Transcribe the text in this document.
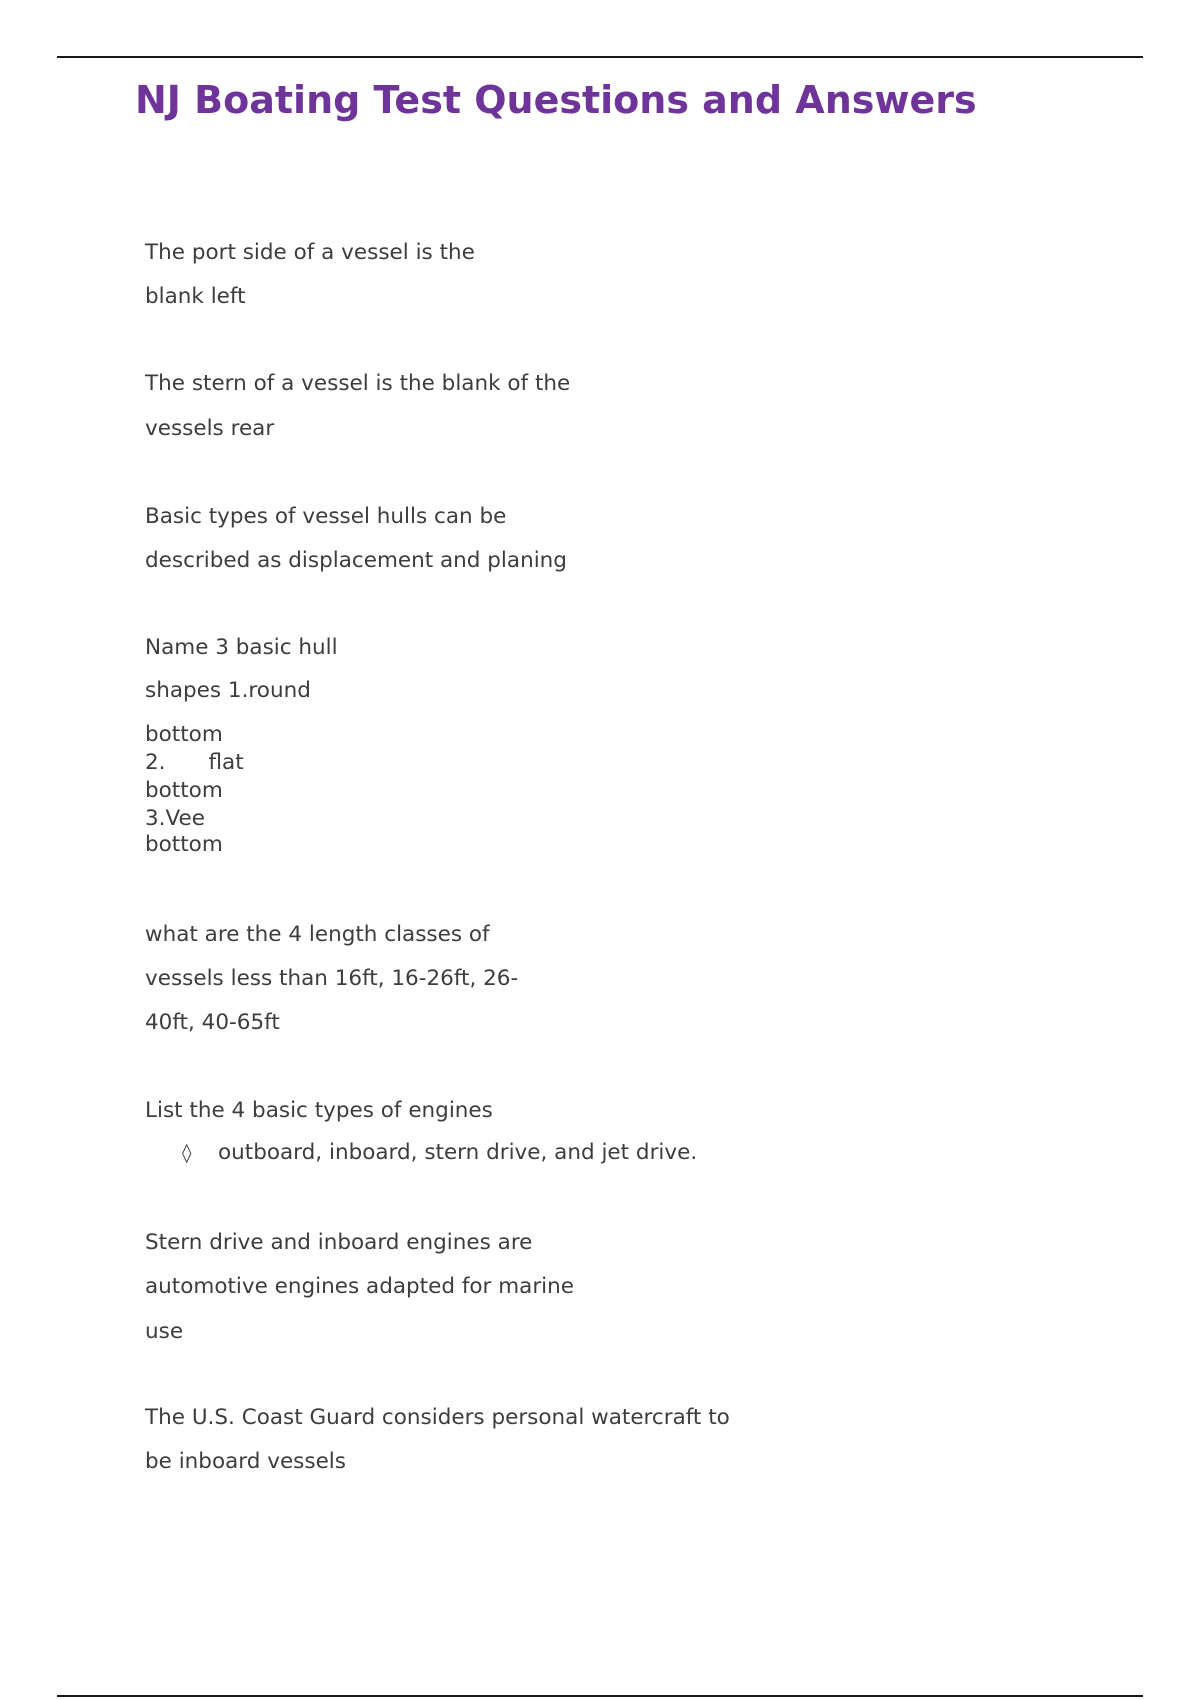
NJ Boating Test Questions and Answers
The port side of a vessel is the
blank left
The stern of a vessel is the blank of the
vessels rear
Basic types of vessel hulls can be
described as displacement and planing
Name 3 basic hull
shapes 1.round
bottom
2. flat
bottom
3.Vee
bottom
what are the 4 length classes of
vessels less than 16ft, 16-26ft, 26-
40ft, 40-65ft
List the 4 basic types of engines
◊ outboard, inboard, stern drive, and jet drive.
Stern drive and inboard engines are
automotive engines adapted for marine
use
The U.S. Coast Guard considers personal watercraft to
be inboard vessels
